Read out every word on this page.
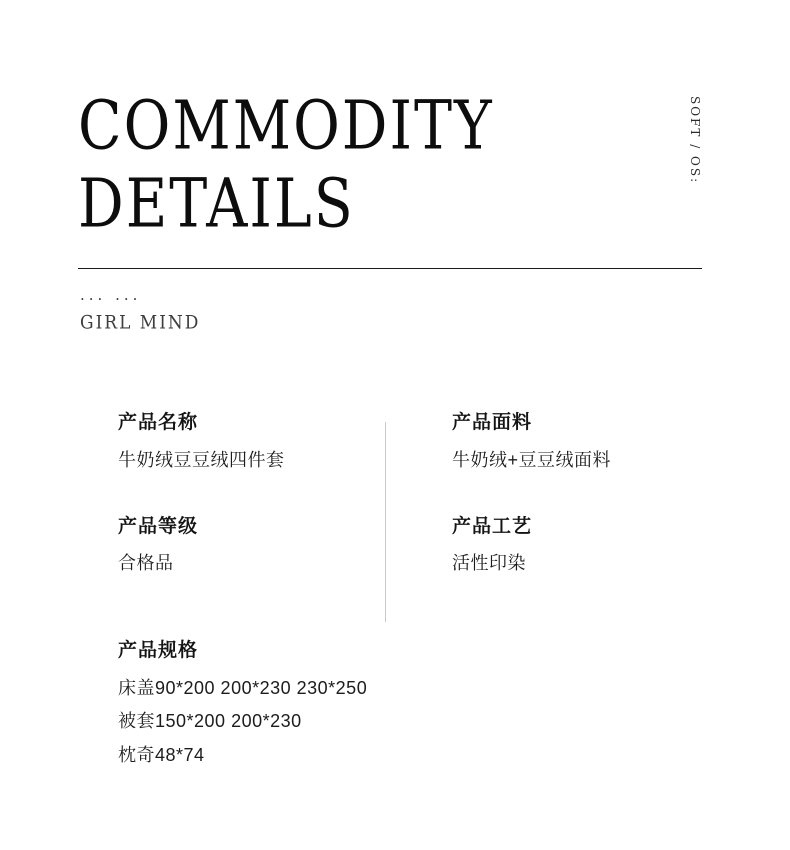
COMMODITY
DETAILS
SOFT / OS:
··· ···
GIRL MIND
产品名称
牛奶绒豆豆绒四件套
产品等级
合格品
产品面料
牛奶绒+豆豆绒面料
产品工艺
活性印染
产品规格
床盖90*200 200*230 230*250
被套150*200 200*230
枕奇48*74
